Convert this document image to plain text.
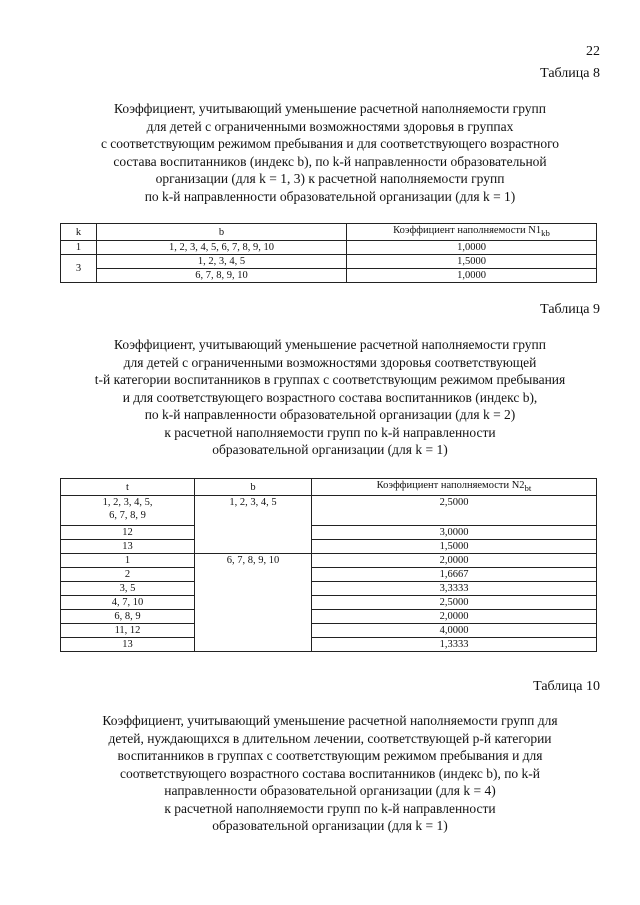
22
Таблица 8
Коэффициент, учитывающий уменьшение расчетной наполняемости групп
для детей с ограниченными возможностями здоровья в группах
с соответствующим режимом пребывания и для соответствующего возрастного
состава воспитанников (индекс b), по k-й направленности образовательной
организации (для k = 1, 3) к расчетной наполняемости групп
по k-й направленности образовательной организации (для k = 1)
k	b	Коэффициент наполняемости $N1_{kb}$
1	1, 2, 3, 4, 5, 6, 7, 8, 9, 10	1,0000
3	1, 2, 3, 4, 5	1,5000
	6, 7, 8, 9, 10	1,0000
Таблица 9
Коэффициент, учитывающий уменьшение расчетной наполняемости групп
для детей с ограниченными возможностями здоровья соответствующей
t-й категории воспитанников в группах с соответствующим режимом пребывания
и для соответствующего возрастного состава воспитанников (индекс b),
по k-й направленности образовательной организации (для k = 2)
к расчетной наполняемости групп по k-й направленности
образовательной организации (для k = 1)
t	b	Коэффициент наполняемости $N2_{bt}$
1, 2, 3, 4, 5,
6, 7, 8, 9	1, 2, 3, 4, 5	2,5000
12		3,0000
13		1,5000
1	6, 7, 8, 9, 10	2,0000
2		1,6667
3, 5		3,3333
4, 7, 10		2,5000
6, 8, 9		2,0000
11, 12		4,0000
13		1,3333
Таблица 10
Коэффициент, учитывающий уменьшение расчетной наполняемости групп для
детей, нуждающихся в длительном лечении, соответствующей p-й категории
воспитанников в группах с соответствующим режимом пребывания и для
соответствующего возрастного состава воспитанников (индекс b), по k-й
направленности образовательной организации (для k = 4)
к расчетной наполняемости групп по k-й направленности
образовательной организации (для k = 1)
